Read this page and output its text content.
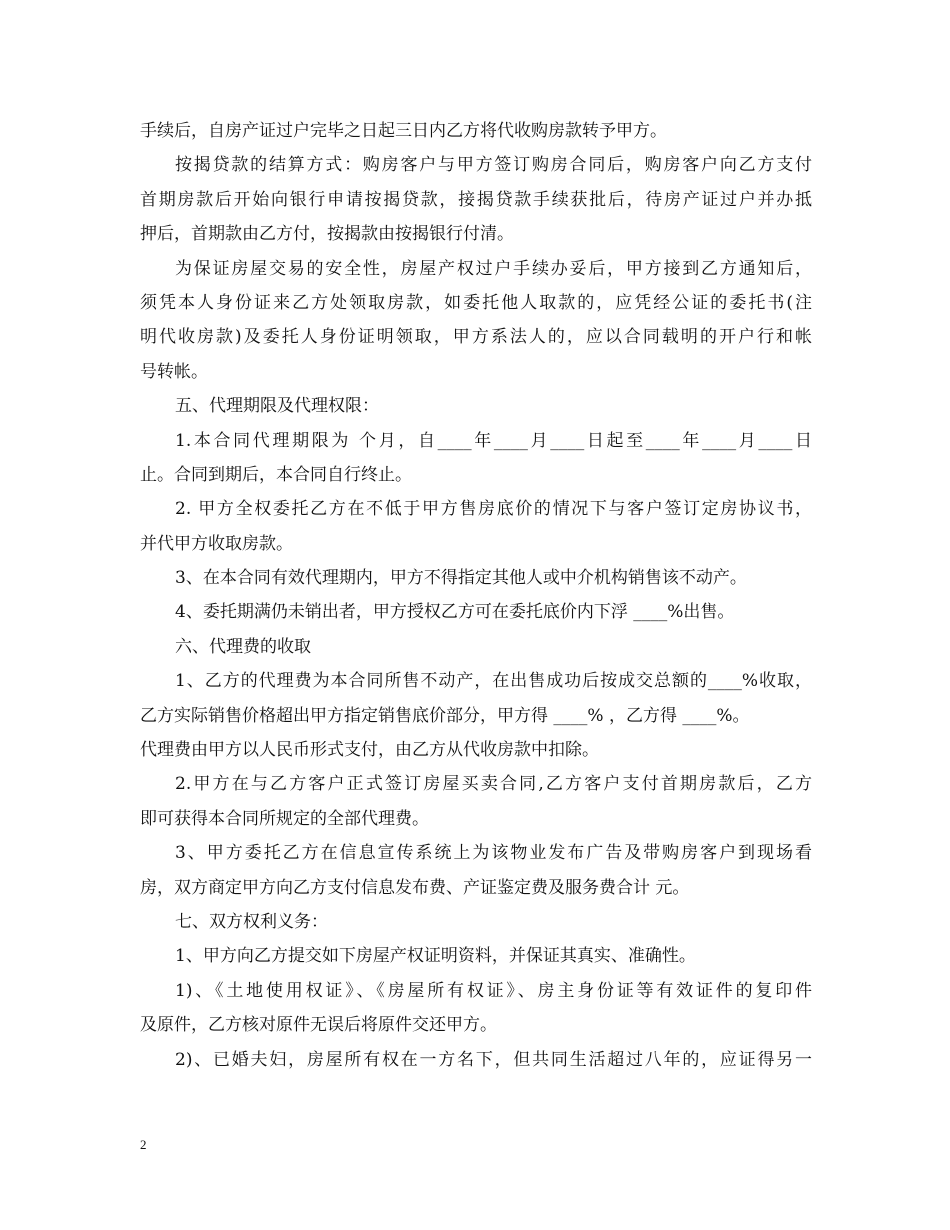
手续后，自房产证过户完毕之日起三日内乙方将代收购房款转予甲方。
按揭贷款的结算方式：购房客户与甲方签订购房合同后，购房客户向乙方支付
首期房款后开始向银行申请按揭贷款，接揭贷款手续获批后，待房产证过户并办抵
押后，首期款由乙方付，按揭款由按揭银行付清。
为保证房屋交易的安全性，房屋产权过户手续办妥后，甲方接到乙方通知后，
须凭本人身份证来乙方处领取房款，如委托他人取款的，应凭经公证的委托书(注
明代收房款)及委托人身份证明领取，甲方系法人的，应以合同载明的开户行和帐
号转帐。
五、代理期限及代理权限：
1.本合同代理期限为 个月，自____年____月____日起至____年____月____日
止。合同到期后，本合同自行终止。
2. 甲方全权委托乙方在不低于甲方售房底价的情况下与客户签订定房协议书，
并代甲方收取房款。
3、在本合同有效代理期内，甲方不得指定其他人或中介机构销售该不动产。
4、委托期满仍未销出者，甲方授权乙方可在委托底价内下浮 ____%出售。
六、代理费的收取
1、乙方的代理费为本合同所售不动产，在出售成功后按成交总额的____%收取，
乙方实际销售价格超出甲方指定销售底价部分，甲方得 ____% ，乙方得 ____%。
代理费由甲方以人民币形式支付，由乙方从代收房款中扣除。
2.甲方在与乙方客户正式签订房屋买卖合同,乙方客户支付首期房款后，乙方
即可获得本合同所规定的全部代理费。
3、甲方委托乙方在信息宣传系统上为该物业发布广告及带购房客户到现场看
房，双方商定甲方向乙方支付信息发布费、产证鉴定费及服务费合计 元。
七、双方权利义务：
1、甲方向乙方提交如下房屋产权证明资料，并保证其真实、准确性。
1)、《土地使用权证》、《房屋所有权证》、房主身份证等有效证件的复印件
及原件，乙方核对原件无误后将原件交还甲方。
2)、已婚夫妇，房屋所有权在一方名下，但共同生活超过八年的，应证得另一
2
